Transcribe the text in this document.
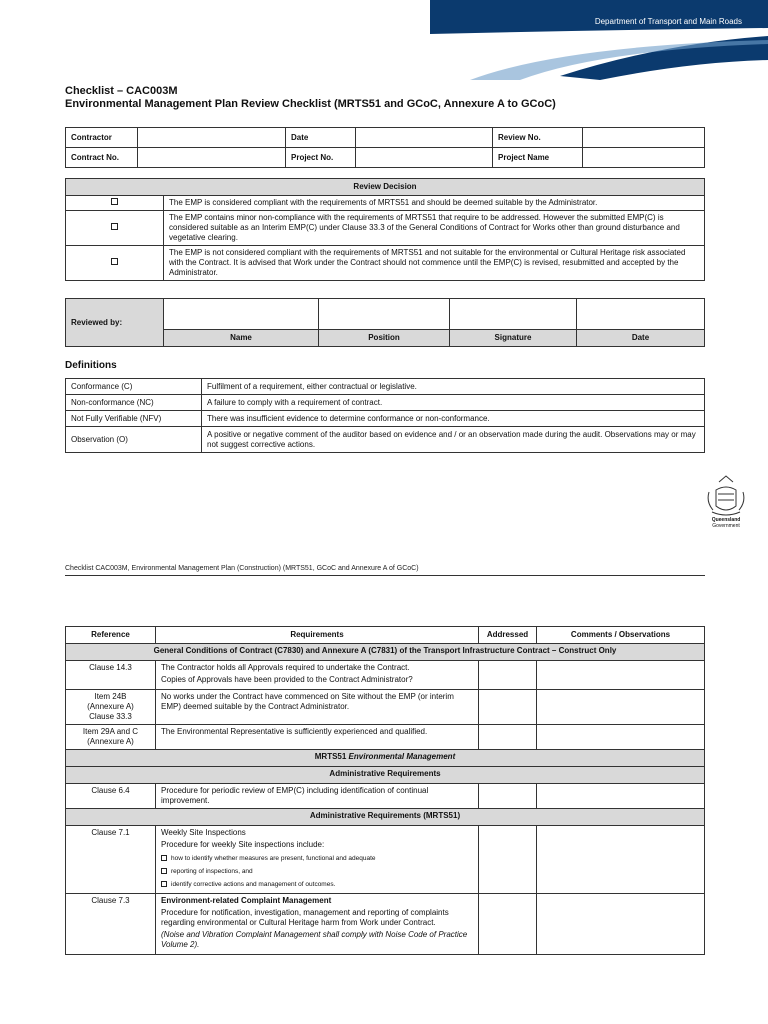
Department of Transport and Main Roads
Checklist – CAC003M
Environmental Management Plan Review Checklist (MRTS51 and GCoC, Annexure A to GCoC)
Contractor		Date		Review No.	
Contract No.		Project No.		Project Name	
Review Decision	
	The EMP is considered compliant with the requirements of MRTS51 and should be deemed suitable by the Administrator.
	The EMP contains minor non-compliance with the requirements of MRTS51 that require to be addressed. However the submitted EMP(C) is considered suitable as an Interim EMP(C) under Clause 33.3 of the General Conditions of Contract for Works other than ground disturbance and vegetative clearing.
	The EMP is not considered compliant with the requirements of MRTS51 and not suitable for the environmental or Cultural Heritage risk associated with the Contract. It is advised that Work under the Contract should not commence until the EMP(C) is revised, resubmitted and accepted by the Administrator.
Reviewed by:				
	Name	Position	Signature	Date
Definitions
Conformance (C)	Fulfilment of a requirement, either contractual or legislative.
Non-conformance (NC)	A failure to comply with a requirement of contract.
Not Fully Verifiable (NFV)	There was insufficient evidence to determine conformance or non-conformance.
Observation (O)	A positive or negative comment of the auditor based on evidence and / or an observation made during the audit. Observations may or may not suggest corrective actions.
Queensland
Government
Checklist CAC003M, Environmental Management Plan (Construction) (MRTS51, GCoC and Annexure A of GCoC)
Reference	Requirements	Addressed	Comments / Observations
General Conditions of Contract (C7830) and Annexure A (C7831) of the Transport Infrastructure Contract – Construct Only			
Clause 14.3	The Contractor holds all Approvals required to undertake the Contract.

Copies of Approvals have been provided to the Contract Administrator?		

Item 24B
(Annexure A)
Clause 33.3	No works under the Contract have commenced on Site without the EMP (or interim EMP) deemed suitable by the Contract Administrator.		

Item 29A and C
(Annexure A)	The Environmental Representative is sufficiently experienced and qualified.		
MRTS51 Environmental Management			
Administrative Requirements			
Clause 6.4	Procedure for periodic review of EMP(C) including identification of continual improvement.		
Administrative Requirements (MRTS51)			
Clause 7.1	Weekly Site Inspections

Procedure for weekly Site inspections include:

how to identify whether measures are present, functional and adequate
reporting of inspections, and
identify corrective actions and management of outcomes.		

Clause 7.3	Environment-related Complaint Management

Procedure for notification, investigation, management and reporting of complaints regarding environmental or Cultural Heritage harm from Work under Contract.

(Noise and Vibration Complaint Management shall comply with Noise Code of Practice Volume 2).		
